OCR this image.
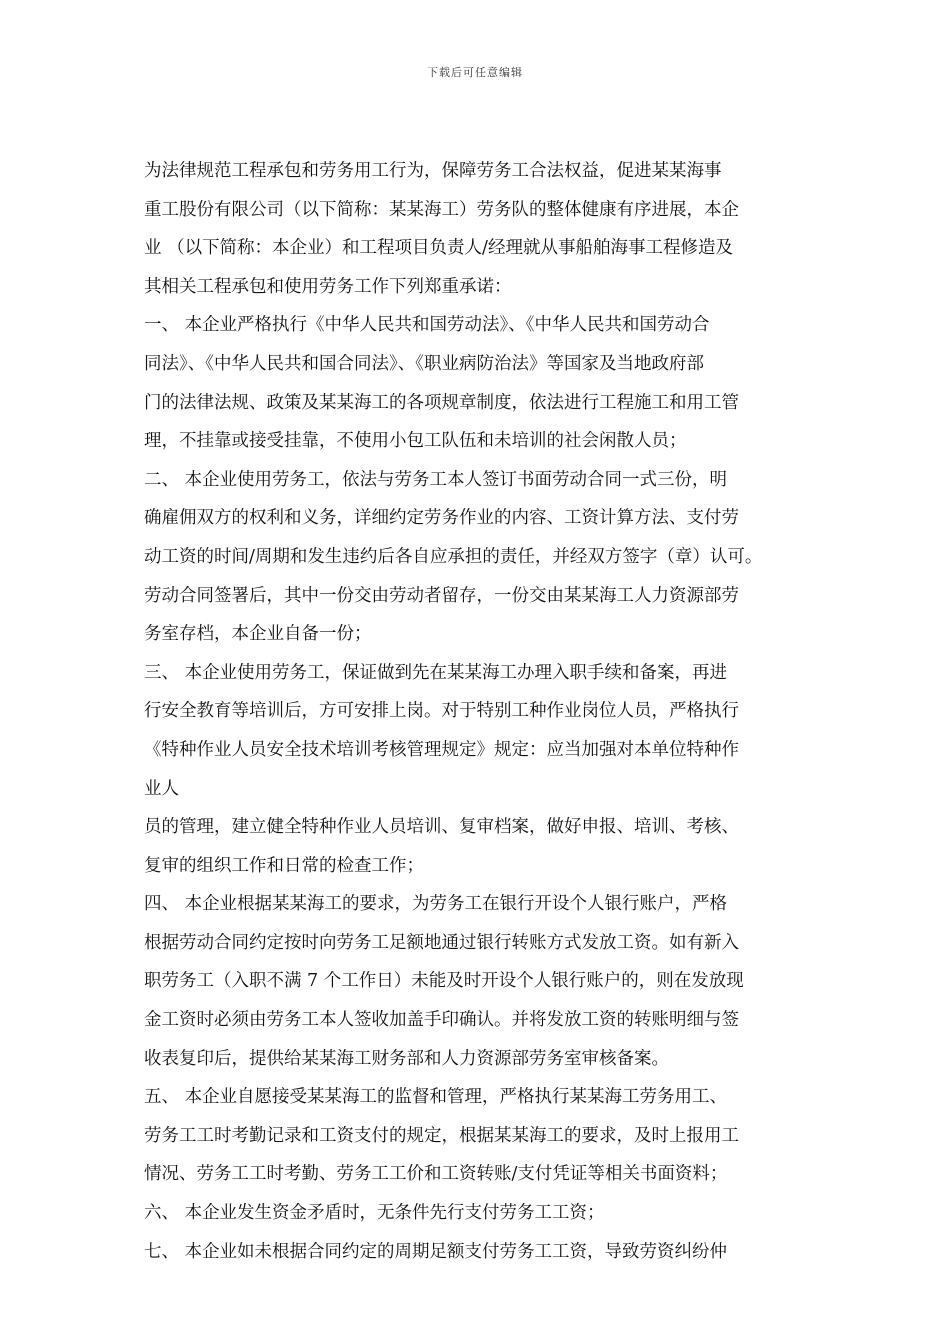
下载后可任意编辑
为法律规范工程承包和劳务用工行为，保障劳务工合法权益，促进某某海事
重工股份有限公司（以下简称：某某海工）劳务队的整体健康有序进展，本企
业 （以下简称：本企业）和工程项目负责人/经理就从事船舶海事工程修造及
其相关工程承包和使用劳务工作下列郑重承诺：
一、 本企业严格执行《中华人民共和国劳动法》、《中华人民共和国劳动合
同法》、《中华人民共和国合同法》、《职业病防治法》等国家及当地政府部
门的法律法规、政策及某某海工的各项规章制度，依法进行工程施工和用工管
理，不挂靠或接受挂靠，不使用小包工队伍和未培训的社会闲散人员；
二、 本企业使用劳务工，依法与劳务工本人签订书面劳动合同一式三份，明
确雇佣双方的权利和义务，详细约定劳务作业的内容、工资计算方法、支付劳
动工资的时间/周期和发生违约后各自应承担的责任，并经双方签字（章）认可。
劳动合同签署后，其中一份交由劳动者留存，一份交由某某海工人力资源部劳
务室存档，本企业自备一份；
三、 本企业使用劳务工，保证做到先在某某海工办理入职手续和备案，再进
行安全教育等培训后，方可安排上岗。对于特别工种作业岗位人员，严格执行
《特种作业人员安全技术培训考核管理规定》规定：应当加强对本单位特种作
业人
员的管理，建立健全特种作业人员培训、复审档案，做好申报、培训、考核、
复审的组织工作和日常的检查工作；
四、 本企业根据某某海工的要求，为劳务工在银行开设个人银行账户，严格
根据劳动合同约定按时向劳务工足额地通过银行转账方式发放工资。如有新入
职劳务工（入职不满 7 个工作日）未能及时开设个人银行账户的，则在发放现
金工资时必须由劳务工本人签收加盖手印确认。并将发放工资的转账明细与签
收表复印后，提供给某某海工财务部和人力资源部劳务室审核备案。
五、 本企业自愿接受某某海工的监督和管理，严格执行某某海工劳务用工、
劳务工工时考勤记录和工资支付的规定，根据某某海工的要求，及时上报用工
情况、劳务工工时考勤、劳务工工价和工资转账/支付凭证等相关书面资料；
六、 本企业发生资金矛盾时，无条件先行支付劳务工工资；
七、 本企业如未根据合同约定的周期足额支付劳务工工资，导致劳资纠纷仲
